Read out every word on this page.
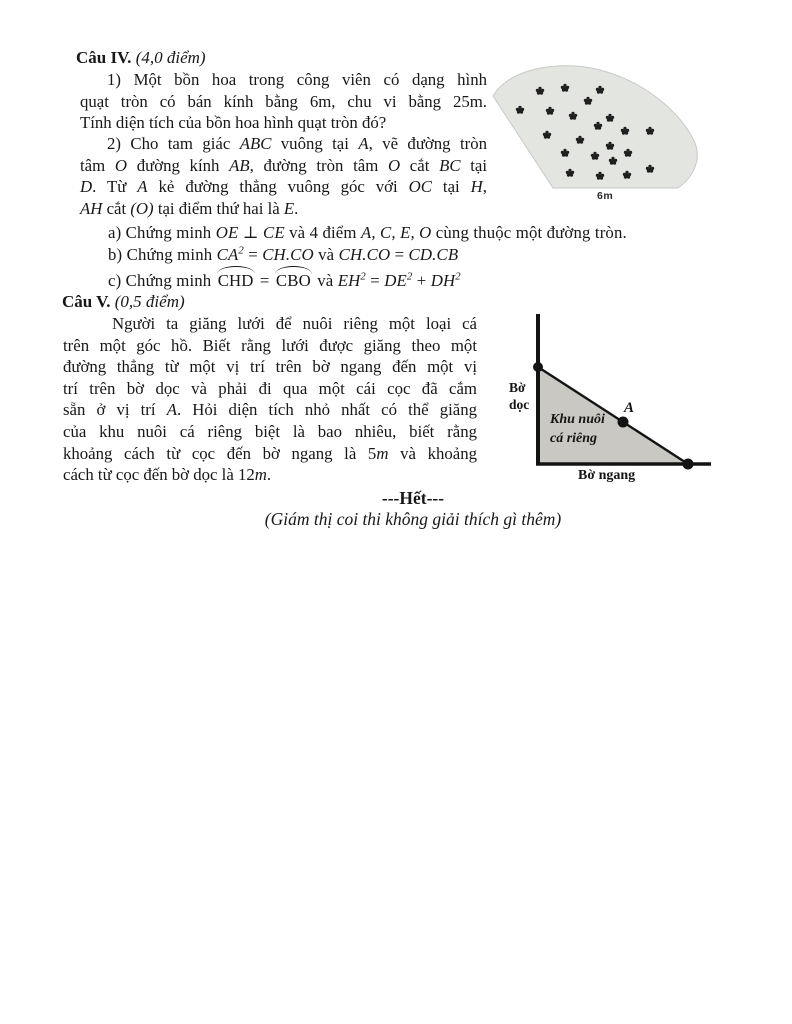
Câu IV. (4,0 điểm)
1) Một bồn hoa trong công viên có dạng hình
quạt tròn có bán kính bằng 6m, chu vi bằng 25m.
Tính diện tích của bồn hoa hình quạt tròn đó?
2) Cho tam giác ABC vuông tại A, vẽ đường tròn
tâm O đường kính AB, đường tròn tâm O cắt BC tại
D. Từ A kẻ đường thẳng vuông góc với OC tại H,
AH cắt (O) tại điểm thứ hai là E.
a) Chứng minh OE ⊥ CE và 4 điểm A, C, E, O cùng thuộc một đường tròn.
b) Chứng minh $CA^2 = CH.CO$ và CH.CO = CD.CB
c) Chứng minh CHD = CBO và $EH^2 = DE^2 + DH^2$
Câu V. (0,5 điểm)
Người ta giăng lưới để nuôi riêng một loại cá
trên một góc hồ. Biết rằng lưới được giăng theo một
đường thẳng từ một vị trí trên bờ ngang đến một vị
trí trên bờ dọc và phải đi qua một cái cọc đã cắm
sẵn ở vị trí A. Hỏi diện tích nhỏ nhất có thể giăng
của khu nuôi cá riêng biệt là bao nhiêu, biết rằng
khoảng cách từ cọc đến bờ ngang là 5m và khoảng
cách từ cọc đến bờ dọc là 12m.
6m
Bờ
dọc
Khu nuôi
cá riêng
A
Bờ ngang
---Hết---
(Giám thị coi thi không giải thích gì thêm)
